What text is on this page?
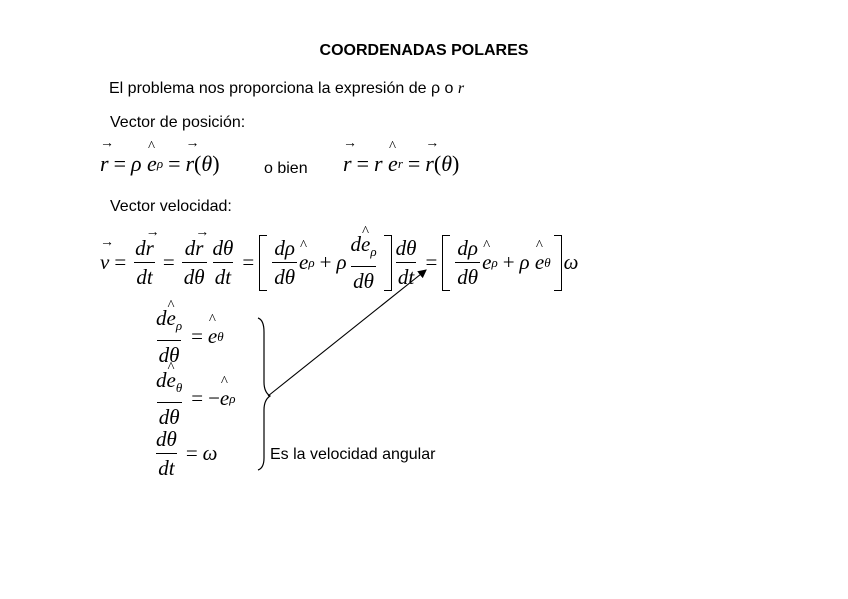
COORDENADAS POLARES
El problema nos proporciona la expresión de ρ o r
Vector de posición:
→ r = ρ
^ e ρ = → r ( θ )	o bien → r = r
^ e r = → r ( θ )
Vector velocidad:
→ $v = \frac{d\to r}{dt} = \frac{d\to r}{d\theta} \frac{d\theta}{dt} = \frac{d\rho}{d\theta}$ ^ e ρ + ρ $\frac{d\^{} e_\rho}{d\theta} \frac{d\theta}{dt} = \frac{d\rho}{d\theta}$ ^ e ρ + ρ ^ e θ ω
$\frac{d\^{} e_\rho}{d\theta}$ = ^ e θ
$\frac{d\^{} e_\theta}{d\theta}$ = − ^ e ρ
$\frac{d\theta}{dt} = \omega$	Es la velocidad angular
